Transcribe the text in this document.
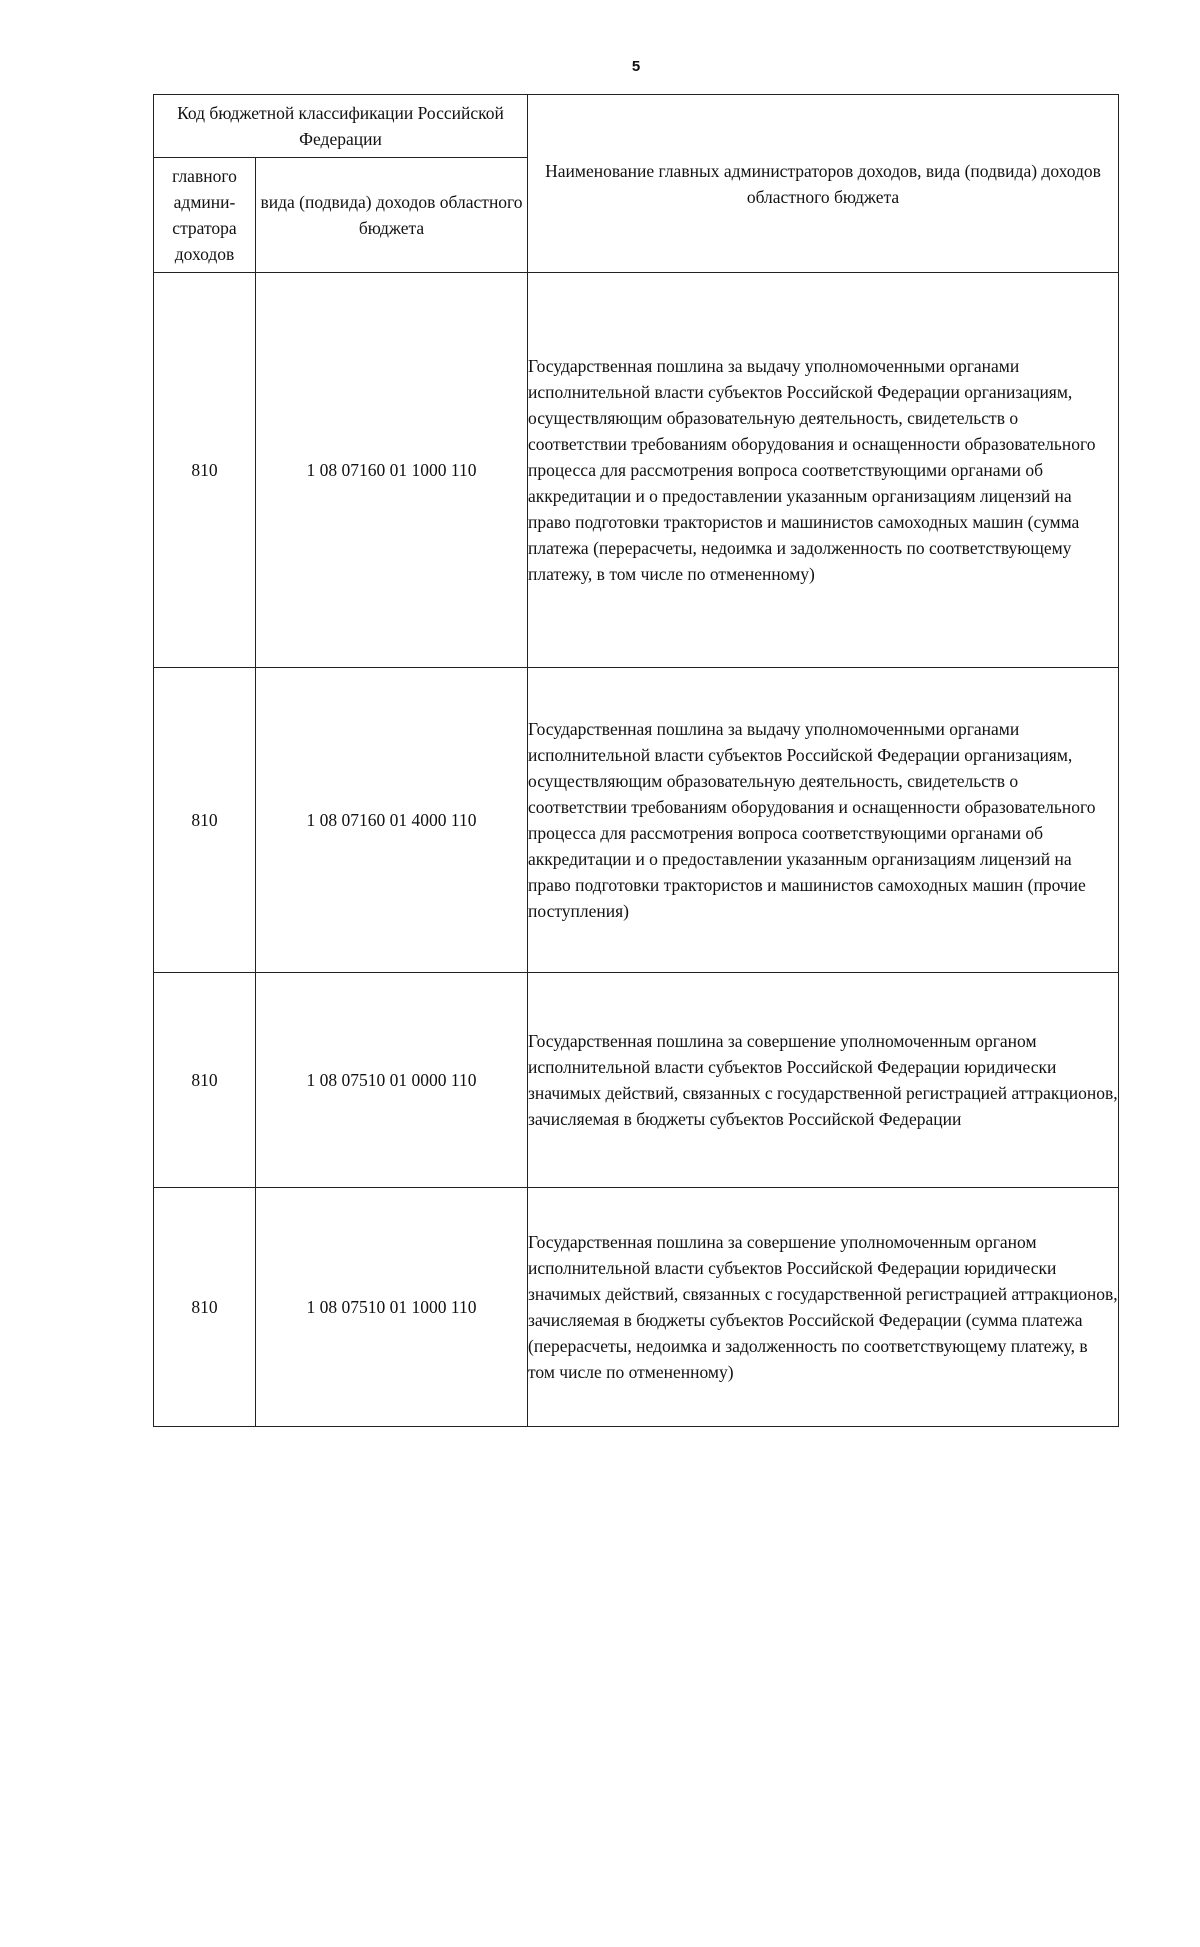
5
Код бюджетной классификации Российской Федерации		Наименование главных администраторов доходов, вида (подвида) доходов областного бюджета
главного админи-стратора доходов	вида (подвида) доходов областного бюджета	
810	1 08 07160 01 1000 110	Государственная пошлина за выдачу уполномоченными органами исполнительной власти субъектов Российской Федерации организациям, осуществляющим образовательную деятельность, свидетельств о соответствии требованиям оборудования и оснащенности образовательного процесса для рассмотрения вопроса соответствующими органами об аккредитации и о предоставлении указанным организациям лицензий на право подготовки трактористов и машинистов самоходных машин (сумма платежа (перерасчеты, недоимка и задолженность по соответствующему платежу, в том числе по отмененному)
810	1 08 07160 01 4000 110	Государственная пошлина за выдачу уполномоченными органами исполнительной власти субъектов Российской Федерации организациям, осуществляющим образовательную деятельность, свидетельств о соответствии требованиям оборудования и оснащенности образовательного процесса для рассмотрения вопроса соответствующими органами об аккредитации и о предоставлении указанным организациям лицензий на право подготовки трактористов и машинистов самоходных машин (прочие поступления)
810	1 08 07510 01 0000 110	Государственная пошлина за совершение уполномоченным органом исполнительной власти субъектов Российской Федерации юридически значимых действий, связанных с государственной регистрацией аттракционов, зачисляемая в бюджеты субъектов Российской Федерации
810	1 08 07510 01 1000 110	Государственная пошлина за совершение уполномоченным органом исполнительной власти субъектов Российской Федерации юридически значимых действий, связанных с государственной регистрацией аттракционов, зачисляемая в бюджеты субъектов Российской Федерации (сумма платежа (перерасчеты, недоимка и задолженность по соответствующему платежу, в том числе по отмененному)
